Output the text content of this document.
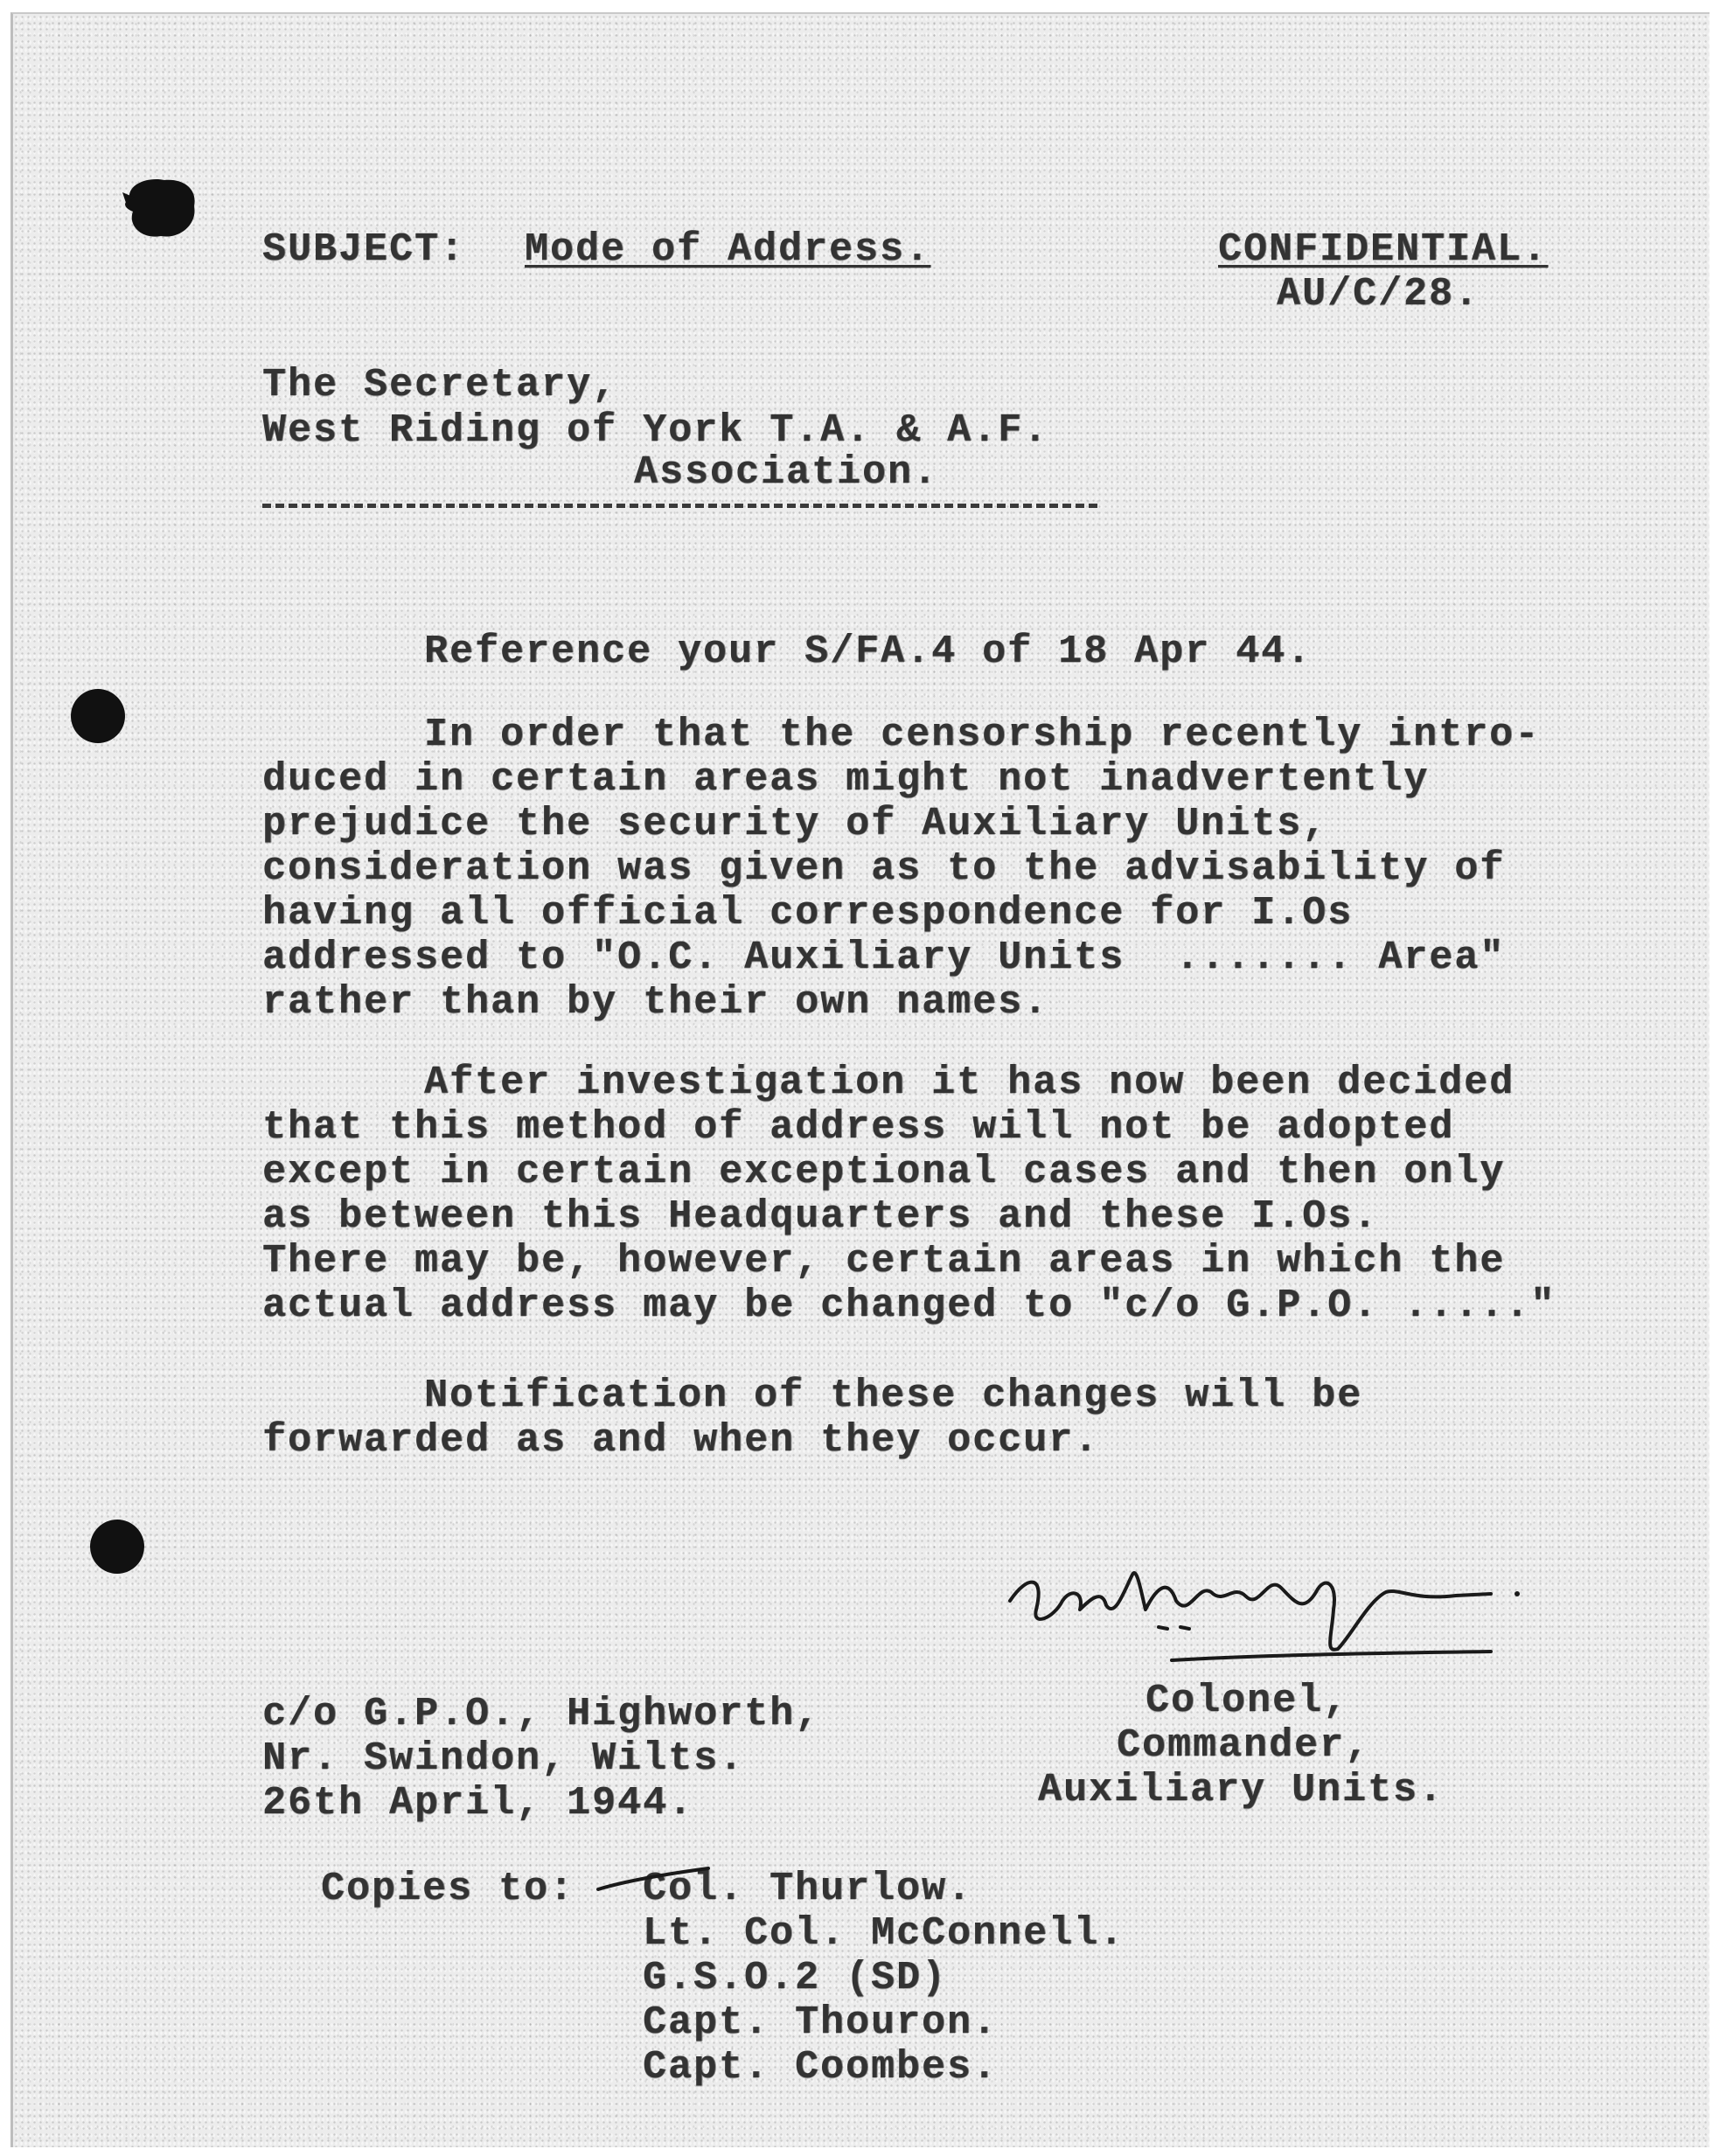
SUBJECT: Mode of Address.	CONFIDENTIAL.
AU/C/28.
The Secretary,
West Riding of York T.A. & A.F.
Association.
Reference your S/FA.4 of 18 Apr 44.
In order that the censorship recently intro-
duced in certain areas might not inadvertently
prejudice the security of Auxiliary Units,
consideration was given as to the advisability of
having all official correspondence for I.Os
addressed to "O.C. Auxiliary Units  ....... Area"
rather than by their own names.
After investigation it has now been decided
that this method of address will not be adopted
except in certain exceptional cases and then only
as between this Headquarters and these I.Os.
There may be, however, certain areas in which the
actual address may be changed to "c/o G.P.O. ....."
Notification of these changes will be
forwarded as and when they occur.
c/o G.P.O., Highworth,
Nr. Swindon, Wilts.
26th April, 1944.
Colonel,
Commander,
Auxiliary Units.
Copies to: Col. Thurlow.
Lt. Col. McConnell.
G.S.O.2 (SD)
Capt. Thouron.
Capt. Coombes.
